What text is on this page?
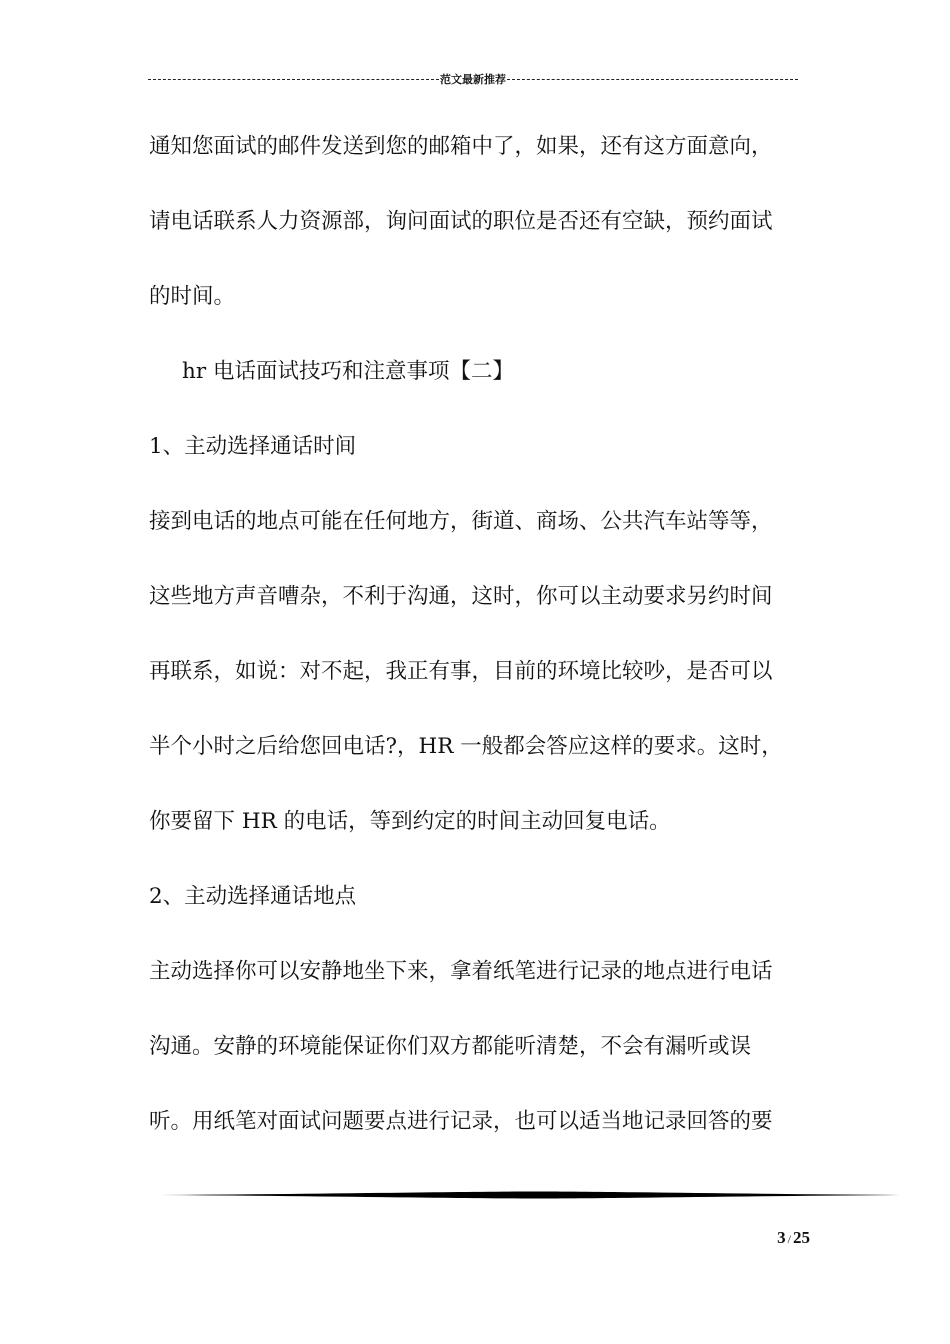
范文最新推荐
通知您面试的邮件发送到您的邮箱中了，如果，还有这方面意向，
请电话联系人力资源部，询问面试的职位是否还有空缺，预约面试
的时间。
hr 电话面试技巧和注意事项【二】
1、主动选择通话时间
接到电话的地点可能在任何地方，街道、商场、公共汽车站等等，
这些地方声音嘈杂，不利于沟通，这时，你可以主动要求另约时间
再联系，如说：对不起，我正有事，目前的环境比较吵，是否可以
半个小时之后给您回电话?，HR 一般都会答应这样的要求。这时，
你要留下 HR 的电话，等到约定的时间主动回复电话。
2、主动选择通话地点
主动选择你可以安静地坐下来，拿着纸笔进行记录的地点进行电话
沟通。安静的环境能保证你们双方都能听清楚，不会有漏听或误
听。用纸笔对面试问题要点进行记录，也可以适当地记录回答的要
3 / 25
